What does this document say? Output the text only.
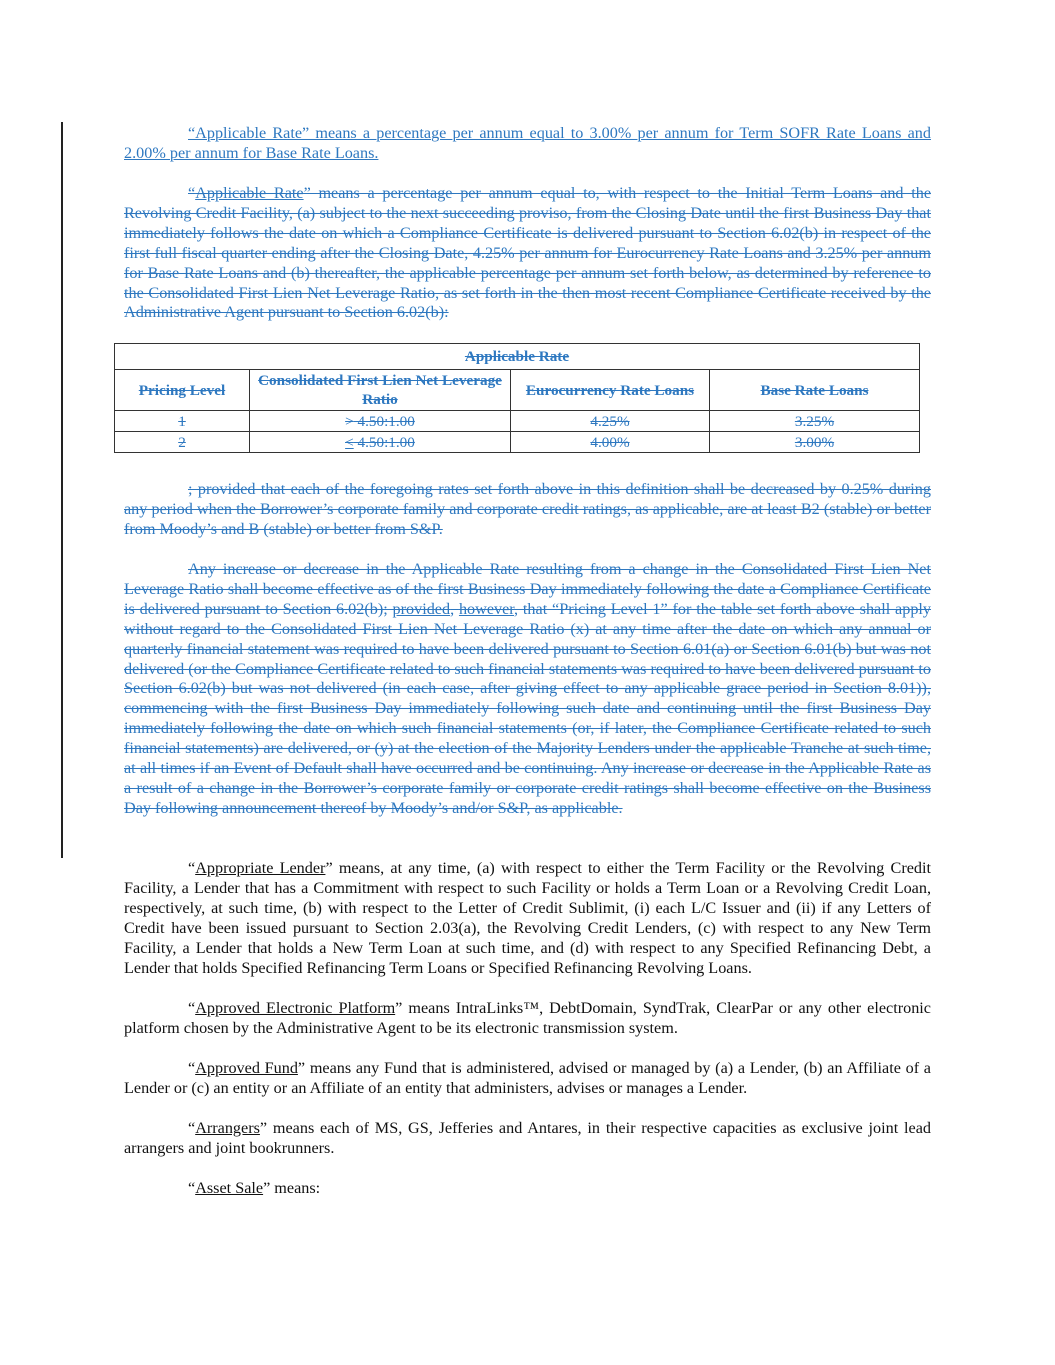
“Applicable Rate” means a percentage per annum equal to 3.00% per annum for Term SOFR Rate Loans and 2.00% per annum for Base Rate Loans.

“Applicable Rate” means a percentage per annum equal to, with respect to the Initial Term Loans and the Revolving Credit Facility, (a) subject to the next succeeding proviso, from the Closing Date until the first Business Day that immediately follows the date on which a Compliance Certificate is delivered pursuant to Section 6.02(b) in respect of the first full fiscal quarter ending after the Closing Date, 4.25% per annum for Eurocurrency Rate Loans and 3.25% per annum for Base Rate Loans and (b) thereafter, the applicable percentage per annum set forth below, as determined by reference to the Consolidated First Lien Net Leverage Ratio, as set forth in the then most recent Compliance Certificate received by the Administrative Agent pursuant to Section 6.02(b):

Applicable Rate			
Pricing Level	Consolidated First Lien Net Leverage Ratio	Eurocurrency Rate Loans	Base Rate Loans
1	> 4.50:1.00	4.25%	3.25%
2	< 4.50:1.00	4.00%	3.00%

; provided that each of the foregoing rates set forth above in this definition shall be decreased by 0.25% during any period when the Borrower’s corporate family and corporate credit ratings, as applicable, are at least B2 (stable) or better from Moody’s and B (stable) or better from S&P.

Any increase or decrease in the Applicable Rate resulting from a change in the Consolidated First Lien Net Leverage Ratio shall become effective as of the first Business Day immediately following the date a Compliance Certificate is delivered pursuant to Section 6.02(b); provided, however, that “Pricing Level 1” for the table set forth above shall apply without regard to the Consolidated First Lien Net Leverage Ratio (x) at any time after the date on which any annual or quarterly financial statement was required to have been delivered pursuant to Section 6.01(a) or Section 6.01(b) but was not delivered (or the Compliance Certificate related to such financial statements was required to have been delivered pursuant to Section 6.02(b) but was not delivered (in each case, after giving effect to any applicable grace period in Section 8.01)), commencing with the first Business Day immediately following such date and continuing until the first Business Day immediately following the date on which such financial statements (or, if later, the Compliance Certificate related to such financial statements) are delivered, or (y) at the election of the Majority Lenders under the applicable Tranche at such time, at all times if an Event of Default shall have occurred and be continuing. Any increase or decrease in the Applicable Rate as a result of a change in the Borrower’s corporate family or corporate credit ratings shall become effective on the Business Day following announcement thereof by Moody’s and/or S&P, as applicable.

“Appropriate Lender” means, at any time, (a) with respect to either the Term Facility or the Revolving Credit Facility, a Lender that has a Commitment with respect to such Facility or holds a Term Loan or a Revolving Credit Loan, respectively, at such time, (b) with respect to the Letter of Credit Sublimit, (i) each L/C Issuer and (ii) if any Letters of Credit have been issued pursuant to Section 2.03(a), the Revolving Credit Lenders, (c) with respect to any New Term Facility, a Lender that holds a New Term Loan at such time, and (d) with respect to any Specified Refinancing Debt, a Lender that holds Specified Refinancing Term Loans or Specified Refinancing Revolving Loans.

“Approved Electronic Platform” means IntraLinks™, DebtDomain, SyndTrak, ClearPar or any other electronic platform chosen by the Administrative Agent to be its electronic transmission system.

“Approved Fund” means any Fund that is administered, advised or managed by (a) a Lender, (b) an Affiliate of a Lender or (c) an entity or an Affiliate of an entity that administers, advises or manages a Lender.

“Arrangers” means each of MS, GS, Jefferies and Antares, in their respective capacities as exclusive joint lead arrangers and joint bookrunners.

“Asset Sale” means:
